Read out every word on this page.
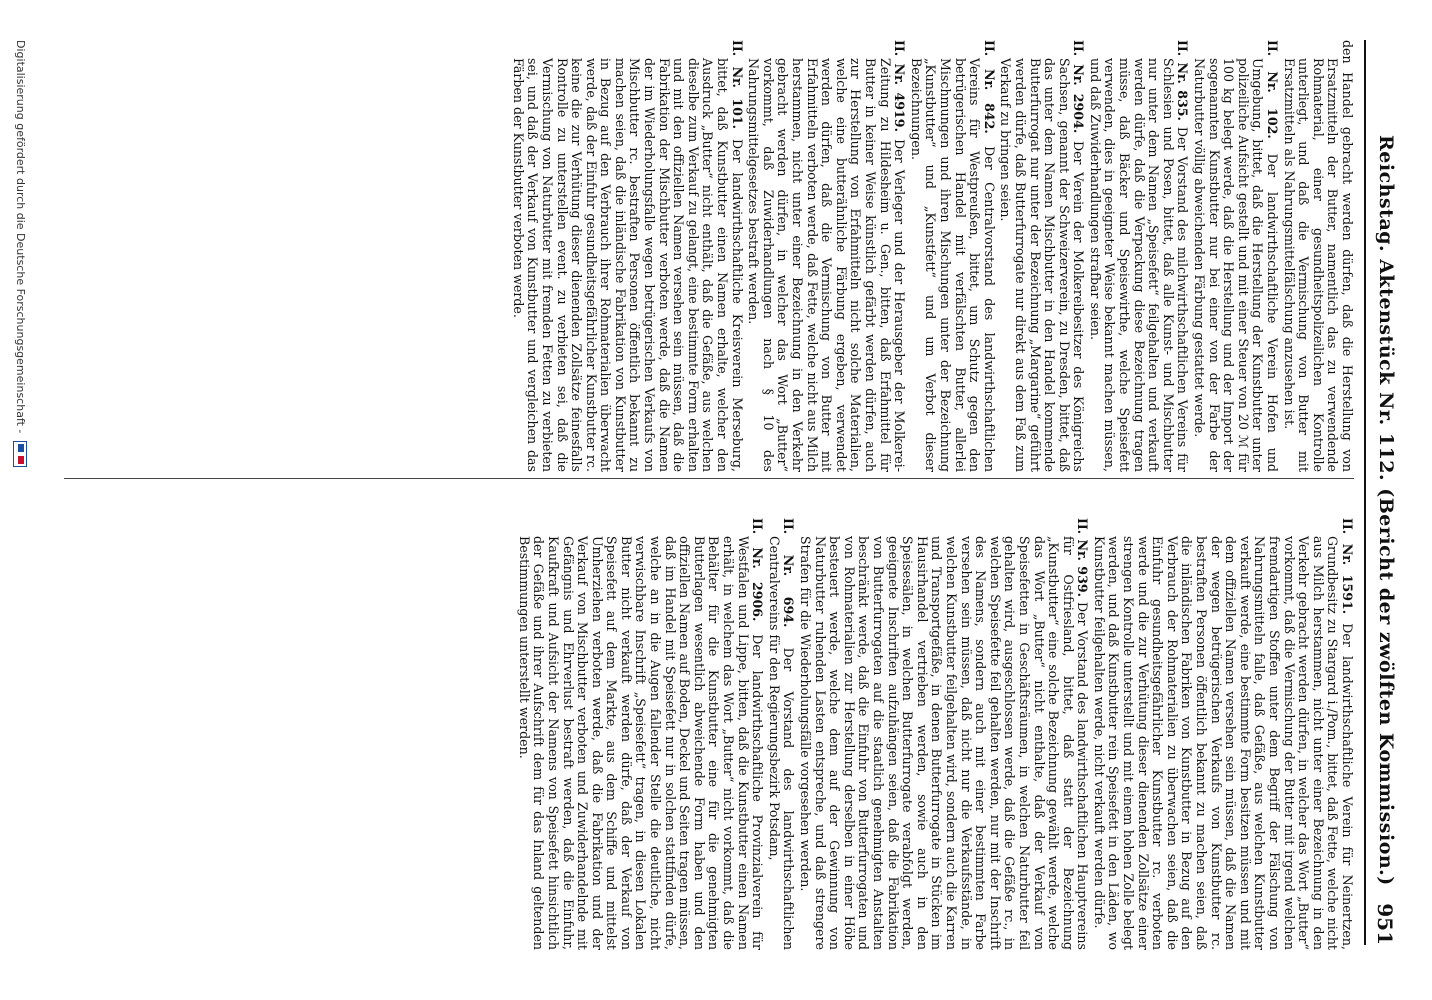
Reichstag. Aktenstück Nr. 112. (Bericht der zwölften Kommission.)
951

den Handel gebracht werden dürfen, daß die Herstellung von Ersatzmitteln der Butter, namentlich das zu verwendende Rohmaterial, einer gesundheitspolizeilichen Kontrolle unterliegt, und daß die Vermischung von Butter mit Ersatzmitteln als Nahrungsmittelfälschung anzusehen ist.

II. Nr. 102. Der landwirthschaftliche Verein Hofen und Umgebung, bittet, daß die Herstellung der Kunstbutter unter polizeiliche Aufsicht gestellt und mit einer Steuer von 20 ℳ für 100 kg belegt werde, daß die Herstellung und der Import der sogenannten Kunstbutter nur bei einer von der Farbe der Naturbutter völlig abweichenden Färbung gestattet werde.

II. Nr. 835. Der Vorstand des milchwirthschaftlichen Vereins für Schlesien und Posen, bittet, daß alle Kunst- und Mischbutter nur unter dem Namen „Speisefett“ feilgehalten und verkauft werden dürfe, daß die Verpackung diese Bezeichnung tragen müsse, daß Bäcker und Speisewirthe, welche Speisefett verwenden, dies in geeigneter Weise bekannt machen müssen, und daß Zuwiderhandlungen strafbar seien.

II. Nr. 2904. Der Verein der Molkereibesitzer des Königreichs Sachsen, genannt der Schweizerverein, zu Dresden, bittet, daß das unter dem Namen Mischbutter in den Handel kommende Butterfurrogat nur unter der Bezeichnung „Margarine“ geführt werden dürfe, daß Butterfurrogate nur direkt aus dem Faß zum Verkauf zu bringen seien.

II. Nr. 842. Der Centralvorstand des landwirthschaftlichen Vereins für Westpreußen, bittet, um Schutz gegen den betrügerischen Handel mit verfälschten Butter, allerlei Mischmungen und ihren Mischungen unter der Bezeichnung „Kunstbutter“ und „Kunstfett“ und um Verbot dieser Bezeichnungen.

II. Nr. 4919. Der Verleger und der Herausgeber der Molkerei-Zeitung zu Hildesheim u. Gen., bitten, daß Erfahmittel für Butter in keiner Weise künstlich gefärbt werden dürfen, auch zur Herstellung von Erfahmitteln nicht solche Materialien, welche eine butterähnliche Färbung ergeben, verwendet werden dürfen, daß die Vermischung von Butter mit Erfahmitteln verboten werde, daß Fette, welche nicht aus Milch herstammen, nicht unter einer Bezeichnung in den Verkehr gebracht werden dürfen, in welcher das Wort „Butter“ vorkommt, daß Zuwiderhandlungen nach § 10 des Nahrungsmittelgesetzes bestraft werden.

II. Nr. 101. Der landwirthschaftliche Kreisverein Merseburg, bittet, daß Kunstbutter einen Namen erhalte, welcher den Ausdruck „Butter“ nicht enthält, daß die Gefäße, aus welchen dieselbe zum Verkauf zu gelangt, eine bestimmte Form erhalten und mit den offiziellen Namen versehen sein müssen, daß die Fabrikation der Mischbutter verboten werde, daß die Namen der im Wiederholungsfalle wegen betrügerischen Verkaufs von Mischbutter rc. bestraften Personen öffentlich bekannt zu machen seien, daß die inländische Fabrikation von Kunstbutter in Bezug auf den Verbrauch ihrer Rohmaterialien überwacht werde, daß der Einfuhr gesundheitsgefährlicher Kunstbutter rc. keine die zur Verhütung dieser dienenden Zollsätze feinesfalls Rontrolle zu unterstellen event. zu verbieten sei, daß die Vermischung von Naturbutter mit fremden Fetten zu verbieten sei, und daß der Verkauf von Kunstbutter und vergleichen das Färben der Kunstbutter verboten werde.

II. Nr. 1591. Der landwirthschaftliche Verein für Neinertzen, Grundbesitz zu Stargard i./Pom., bittet, daß Fette, welche nicht aus Milch herstammen, nicht unter einer Bezeichnung in den Verkehr gebracht werden dürfen, in welcher das Wort „Butter“ vorkommt, daß die Vermischung der Butter mit irgend welchen fremdartigen Stoffen unter dem Begriff der Fälschung von Nahrungsmitteln falle, daß Gefäße, aus welchen Kunstbutter verkauft werde, eine bestimmte Form besitzen müssen und mit dem offiziellen Namen versehen sein müssen, daß die Namen der wegen betrügerischen Verkaufs von Kunstbutter rc. bestraften Personen öffentlich bekannt zu machen seien, daß die inländischen Fabriken von Kunstbutter in Bezug auf den Verbrauch der Rohmaterialien zu überwachen seien, daß die Einfuhr gesundheitsgefährlicher Kunstbutter rc. verboten werde und die zur Verhütung dieser dienenden Zollsätze einer strengen Kontrolle unterstellt und mit einem hohen Zolle belegt werden, und daß Kunstbutter rein Speisefett in den Läden, wo Kunstbutter feilgehalten werde, nicht verkauft werden dürfe.

II. Nr. 939. Der Vorstand des landwirthschaftlichen Hauptvereins für Ostfriesland, bittet, daß statt der Bezeichnung „Kunstbutter“ eine solche Bezeichnung gewählt werde, welche das Wort „Butter“ nicht enthalte, daß der Verkauf von Speisefetten in Geschäftsräumen, in welchen Naturbutter feil gehalten wird, ausgeschlossen werde, daß die Gefäße rc., in welchen Speisefette feil gehalten werden, nur mit der Inschrift des Namens, sondern auch mit einer bestimmten Farbe versehen sein müssen, daß nicht nur die Verkaufsstände, in welchen Kunstbutter feilgehalten wird, sondern auch die Karren und Transportgefäße, in denen Butterfurrogate in Stücken im Hausirhandel vertrieben werden, sowie auch in den Speisesälen, in welchen Butterfurrogate verabfolgt werden, geeignete Inschriften aufzuhängen seien, daß die Fabrikation von Butterfurrogaten auf die staatlich genehmigten Anstalten beschränkt werde, daß die Einfuhr von Butterfurrogaten und von Rohmaterialien zur Herstellung derselben in einer Höhe besteuert werde, welche dem auf der Gewinnung von Naturbutter ruhenden Lasten entspreche, und daß strengere Strafen für die Wiederholungsfälle vorgesehen werden.

II. Nr. 694. Der Vorstand des landwirthschaftlichen Centralvereins für den Regierungsbezirk Potsdam,

II. Nr. 2906. Der landwirthschaftliche Provinzialverein für Westfalen und Lippe, bitten, daß die Kunstbutter einen Namen erhält, in welchem das Wort „Butter“ nicht vorkommt, daß die Behälter für die Kunstbutter eine für die genehmigten Butterlagen wesentlich abweichende Form haben und den offiziellen Namen auf Boden, Deckel und Seiten tragen müssen, daß im Handel mit Speisefett nur in solchen stattfinden dürfe, welche an in die Augen fallender Stelle die deutliche, nicht verwischbare Inschrift „Speisefett“ tragen, in diesen Lokalen Butter nicht verkauft werden dürfe, daß der Verkauf von Speisefett auf dem Markte, aus dem Schiffe und mittelst Umherziehen verboten werde, daß die Fabrikation und der Verkauf von Mischbutter verboten und Zuwiderhandelnde mit Gefängnis und Ehrverlust bestraft werden, daß die Einfuhr, Kaufkraft und Aufsicht der Namens von Speisefett hinsichtlich der Gefäße und ihrer Aufschrift dem für das Inland geltenden Bestimmungen unterstellt werden.

Digitalisierung gefördert durch die Deutsche Forschungsgemeinschaft -
